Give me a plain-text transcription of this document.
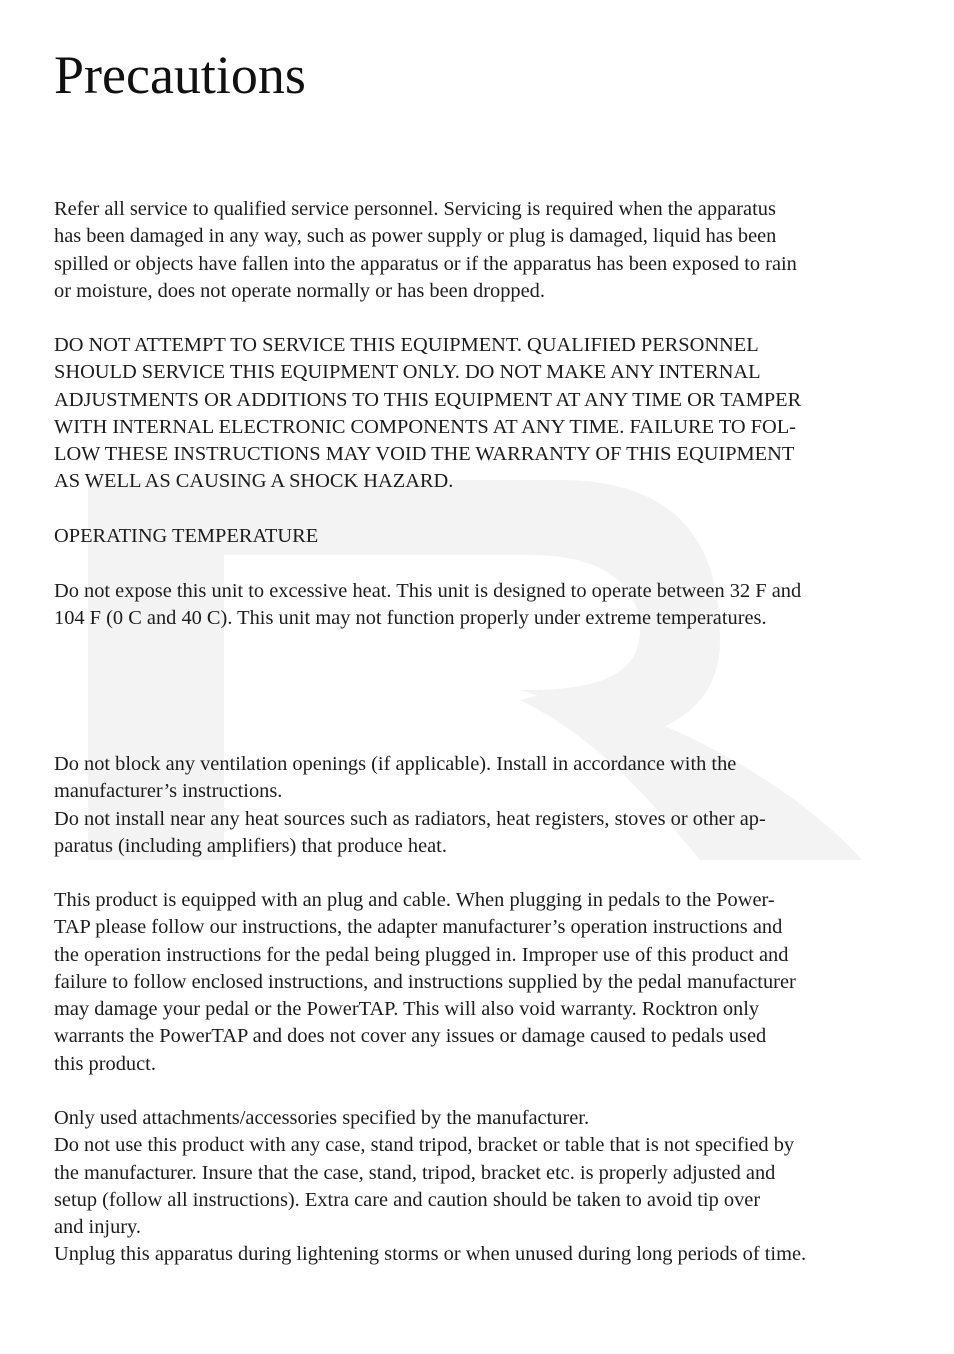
Precautions
Refer all service to qualified service personnel. Servicing is required when the apparatus
has been damaged in any way, such as power supply or plug is damaged, liquid has been
spilled or objects have fallen into the apparatus or if the apparatus has been exposed to rain
or moisture, does not operate normally or has been dropped.
DO NOT ATTEMPT TO SERVICE THIS EQUIPMENT. QUALIFIED PERSONNEL
SHOULD SERVICE THIS EQUIPMENT ONLY. DO NOT MAKE ANY INTERNAL
ADJUSTMENTS OR ADDITIONS TO THIS EQUIPMENT AT ANY TIME OR TAMPER
WITH INTERNAL ELECTRONIC COMPONENTS AT ANY TIME. FAILURE TO FOL-
LOW THESE INSTRUCTIONS MAY VOID THE WARRANTY OF THIS EQUIPMENT
AS WELL AS CAUSING A SHOCK HAZARD.
OPERATING TEMPERATURE
Do not expose this unit to excessive heat. This unit is designed to operate between 32 F and
104 F (0 C and 40 C). This unit may not function properly under extreme temperatures.
Do not block any ventilation openings (if applicable). Install in accordance with the
manufacturer’s instructions.
Do not install near any heat sources such as radiators, heat registers, stoves or other ap-
paratus (including amplifiers) that produce heat.
This product is equipped with an plug and cable. When plugging in pedals to the Power-
TAP please follow our instructions, the adapter manufacturer’s operation instructions and
the operation instructions for the pedal being plugged in. Improper use of this product and
failure to follow enclosed instructions, and instructions supplied by the pedal manufacturer
may damage your pedal or the PowerTAP. This will also void warranty. Rocktron only
warrants the PowerTAP and does not cover any issues or damage caused to pedals used
this product.
Only used attachments/accessories specified by the manufacturer.
Do not use this product with any case, stand tripod, bracket or table that is not specified by
the manufacturer. Insure that the case, stand, tripod, bracket etc. is properly adjusted and
setup (follow all instructions). Extra care and caution should be taken to avoid tip over
and injury.
Unplug this apparatus during lightening storms or when unused during long periods of time.
